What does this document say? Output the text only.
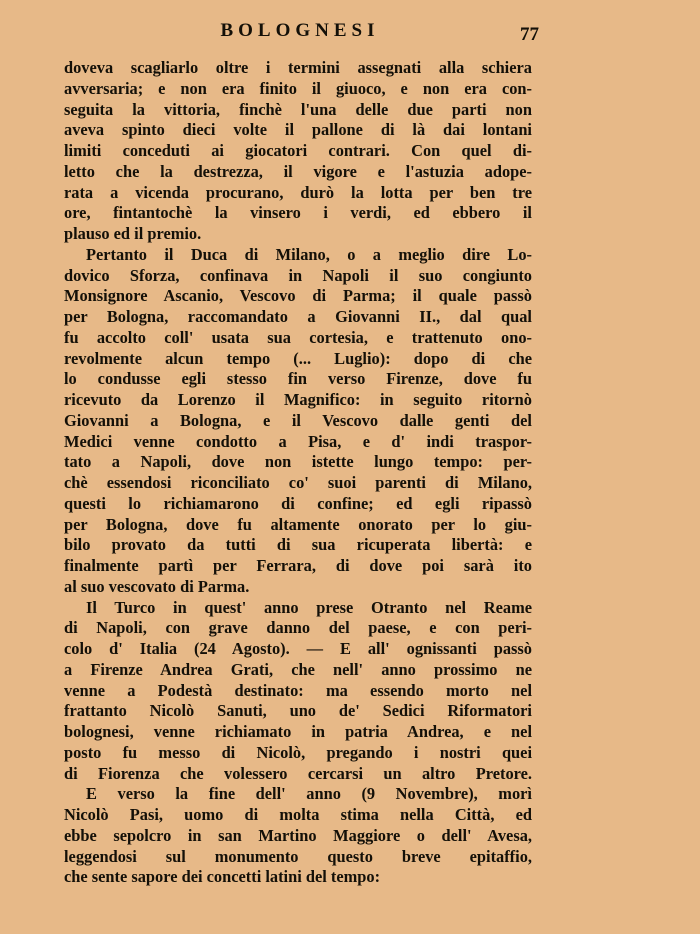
BOLOGNESI	77
doveva scagliarlo oltre i termini assegnati alla schiera
avversaria; e non era finito il giuoco, e non era con-
seguita la vittoria, finchè l'una delle due parti non
aveva spinto dieci volte il pallone di là dai lontani
limiti conceduti ai giocatori contrari. Con quel di-
letto che la destrezza, il vigore e l'astuzia adope-
rata a vicenda procurano, durò la lotta per ben tre
ore, fintantochè la vinsero i verdi, ed ebbero il
plauso ed il premio.
Pertanto il Duca di Milano, o a meglio dire Lo-
dovico Sforza, confinava in Napoli il suo congiunto
Monsignore Ascanio, Vescovo di Parma; il quale passò
per Bologna, raccomandato a Giovanni II., dal qual
fu accolto coll' usata sua cortesia, e trattenuto ono-
revolmente alcun tempo (... Luglio): dopo di che
lo condusse egli stesso fin verso Firenze, dove fu
ricevuto da Lorenzo il Magnifico: in seguito ritornò
Giovanni a Bologna, e il Vescovo dalle genti del
Medici venne condotto a Pisa, e d' indi traspor-
tato a Napoli, dove non istette lungo tempo: per-
chè essendosi riconciliato co' suoi parenti di Milano,
questi lo richiamarono di confine; ed egli ripassò
per Bologna, dove fu altamente onorato per lo giu-
bilo provato da tutti di sua ricuperata libertà: e
finalmente partì per Ferrara, di dove poi sarà ito
al suo vescovato di Parma.
Il Turco in quest' anno prese Otranto nel Reame
di Napoli, con grave danno del paese, e con peri-
colo d' Italia (24 Agosto). — E all' ognissanti passò
a Firenze Andrea Grati, che nell' anno prossimo ne
venne a Podestà destinato: ma essendo morto nel
frattanto Nicolò Sanuti, uno de' Sedici Riformatori
bolognesi, venne richiamato in patria Andrea, e nel
posto fu messo di Nicolò, pregando i nostri quei
di Fiorenza che volessero cercarsi un altro Pretore.
E verso la fine dell' anno (9 Novembre), morì
Nicolò Pasi, uomo di molta stima nella Città, ed
ebbe sepolcro in san Martino Maggiore o dell' Avesa,
leggendosi sul monumento questo breve epitaffio,
che sente sapore dei concetti latini del tempo:
